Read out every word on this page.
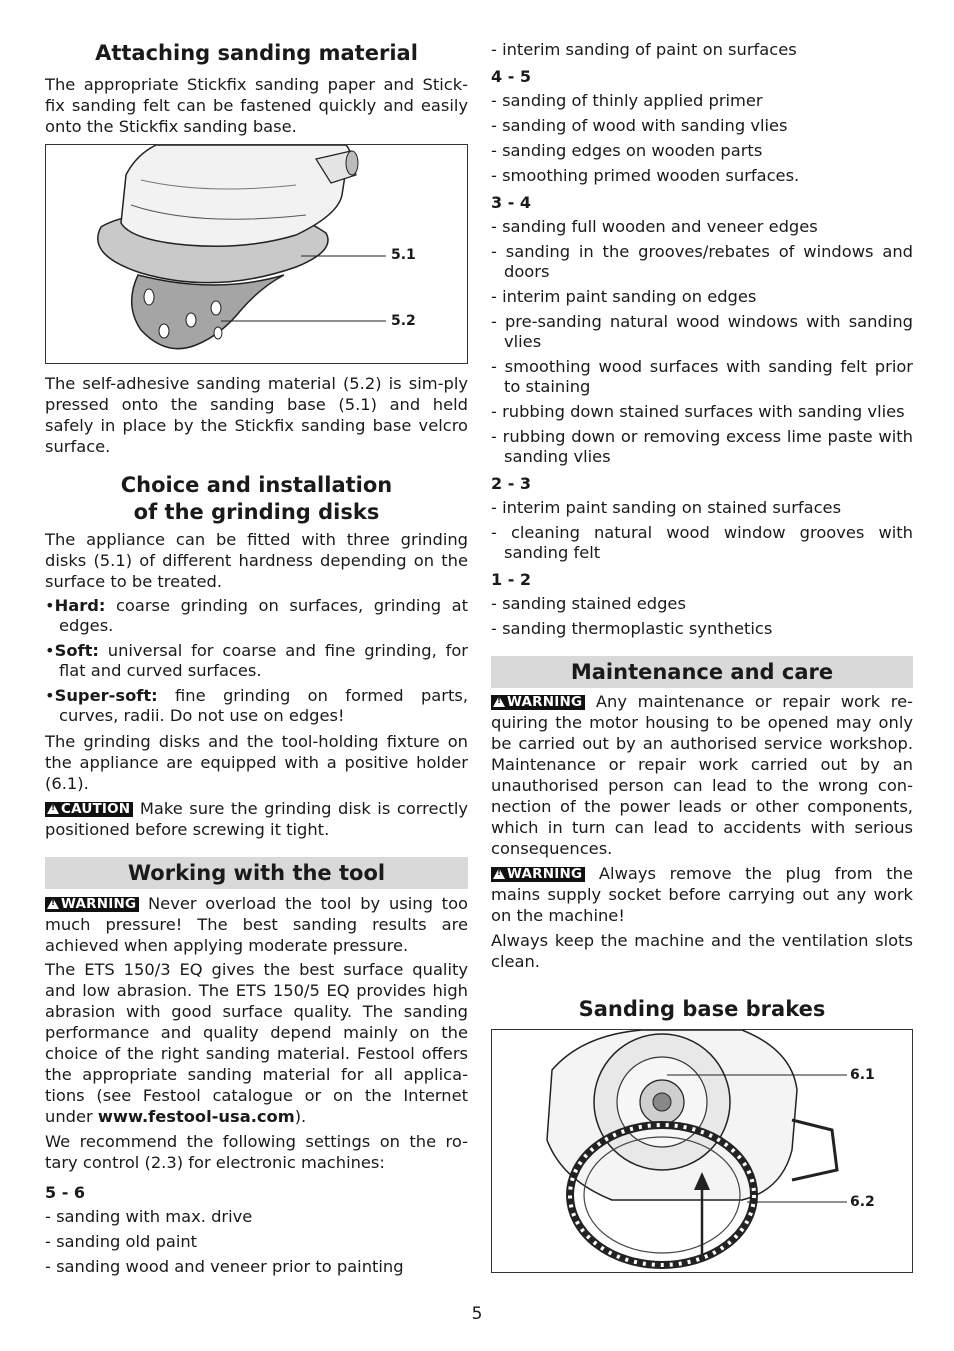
Attaching sanding material

The appropriate Stickfix sanding paper and Stick-fix sanding felt can be fastened quickly and easily onto the Stickfix sanding base.

5.1
5.2

The self-adhesive sanding material (5.2) is sim-ply pressed onto the sanding base (5.1) and held safely in place by the Stickfix sanding base velcro surface.

Choice and installation
of the grinding disks

The appliance can be fitted with three grinding disks (5.1) of different hardness depending on the surface to be treated.

• Hard: coarse grinding on surfaces, grinding at edges.
• Soft: universal for coarse and fine grinding, for flat and curved surfaces.
• Super-soft: fine grinding on formed parts, curves, radii. Do not use on edges!

The grinding disks and the tool-holding fixture on the appliance are equipped with a positive holder (6.1).

!CAUTION Make sure the grinding disk is correctly positioned before screwing it tight.

Working with the tool

!WARNING Never overload the tool by using too much pressure! The best sanding results are achieved when applying moderate pressure.

The ETS 150/3 EQ gives the best surface quality and low abrasion. The ETS 150/5 EQ provides high abrasion with good surface quality. The sanding performance and quality depend mainly on the choice of the right sanding material. Festool offers the appropriate sanding material for all applica-tions (see Festool catalogue or on the Internet under www.festool-usa.com).

We recommend the following settings on the ro-tary control (2.3) for electronic machines:

5 - 6
- sanding with max. drive
- sanding old paint
- sanding wood and veneer prior to painting
- interim sanding of paint on surfaces
4 - 5
- sanding of thinly applied primer
- sanding of wood with sanding vlies
- sanding edges on wooden parts
- smoothing primed wooden surfaces.
3 - 4
- sanding full wooden and veneer edges
- sanding in the grooves/rebates of windows and doors
- interim paint sanding on edges
- pre-sanding natural wood windows with sanding vlies
- smoothing wood surfaces with sanding felt prior to staining
- rubbing down stained surfaces with sanding vlies
- rubbing down or removing excess lime paste with sanding vlies
2 - 3
- interim paint sanding on stained surfaces
- cleaning natural wood window grooves with sanding felt
1 - 2
- sanding stained edges
- sanding thermoplastic synthetics
Maintenance and care

!WARNING Any maintenance or repair work re-quiring the motor housing to be opened may only be carried out by an authorised service workshop. Maintenance or repair work carried out by an unauthorised person can lead to the wrong con-nection of the power leads or other components, which in turn can lead to accidents with serious consequences.

!WARNING Always remove the plug from the mains supply socket before carrying out any work on the machine!

Always keep the machine and the ventilation slots clean.

Sanding base brakes
6.1
6.2
5
